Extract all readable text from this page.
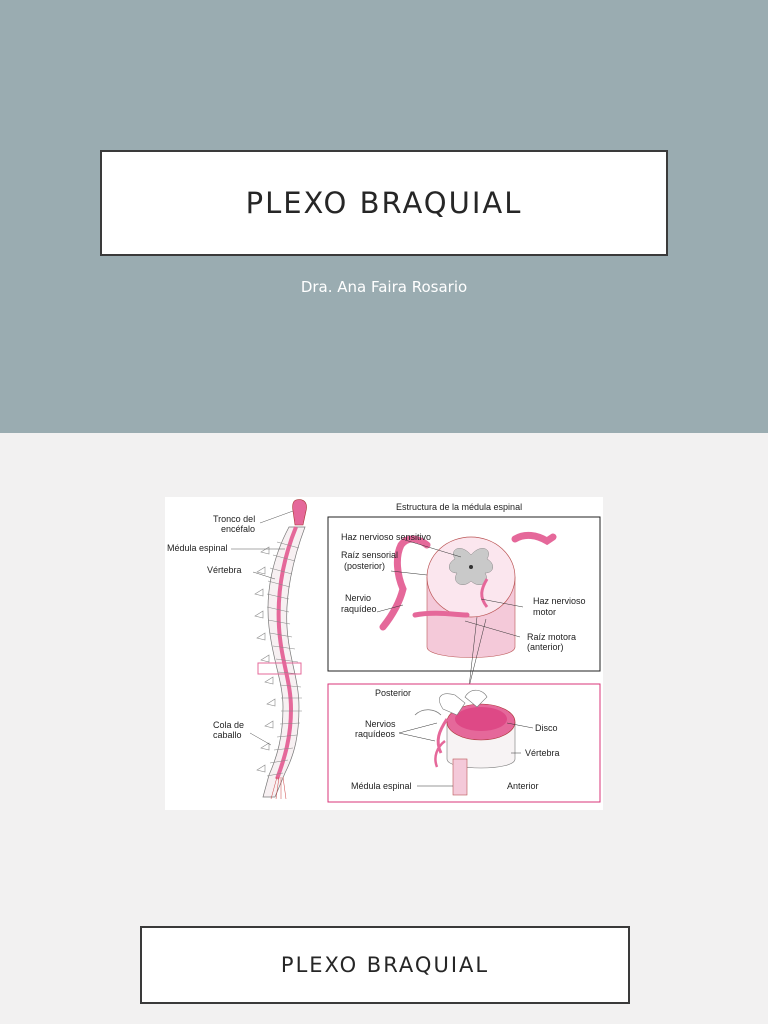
PLEXO BRAQUIAL
Dra. Ana Faira Rosario
Tronco del
encéfalo
Médula espinal
Vértebra
Cola de
caballo
Estructura de la médula espinal
Haz nervioso sensitivo
Raíz sensorial
(posterior)
Nervio
raquídeo
Haz nervioso
motor
Raíz motora
(anterior)
Posterior
Nervios
raquídeos
Disco
Vértebra
Médula espinal	Anterior
PLEXO BRAQUIAL
